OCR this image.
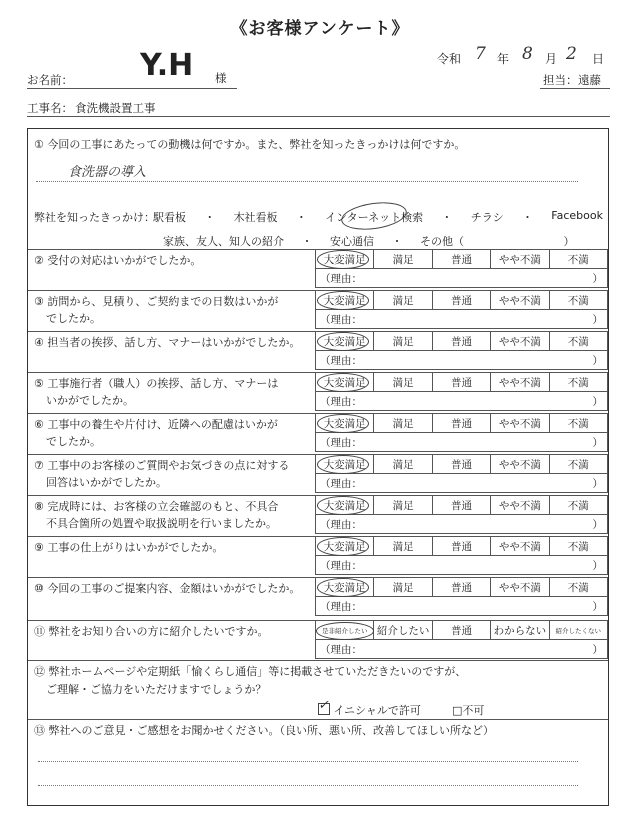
《お客様アンケート》
令和 7 年 8 月 2 日
お名前： Y.H 様	担当： 遠藤
工事名： 食洗機設置工事
① 今回の工事にあたっての動機は何ですか。また、弊社を知ったきっかけは何ですか。
食洗器の導入
弊社を知ったきっかけ：
駅看板 ・ 木社看板 ・ インターネット検索 ・ チラシ ・ Facebook
家族、友人、知人の紹介 ・ 安心通信 ・ その他（	）
② 受付の対応はいかがでしたか。	大変満足	満足	普通	やや不満	不満
（理由：	）
③ 訪問から、見積り、ご契約までの日数はいかが
でしたか。
大変満足	満足	普通	やや不満	不満
（理由：	）
④ 担当者の挨拶、話し方、マナーはいかがでしたか。 大変満足	満足	普通	やや不満	不満
（理由：	）
⑤ 工事施行者（職人）の挨拶、話し方、マナーは
いかがでしたか。
大変満足	満足	普通	やや不満	不満
（理由：	）
⑥ 工事中の養生や片付け、近隣への配慮はいかが
でしたか。
大変満足	満足	普通	やや不満	不満
（理由：	）
⑦ 工事中のお客様のご質問やお気づきの点に対する
回答はいかがでしたか。
大変満足	満足	普通	やや不満	不満
（理由：	）
⑧ 完成時には、お客様の立会確認のもと、不具合
不具合箇所の処置や取扱説明を行いましたか。
大変満足	満足	普通	やや不満	不満
（理由：	）
⑨ 工事の仕上がりはいかがでしたか。	大変満足	満足	普通	やや不満	不満
（理由：	）
⑩ 今回の工事のご提案内容、金額はいかがでしたか。 大変満足	満足	普通	やや不満	不満
（理由：	）
⑪ 弊社をお知り合いの方に紹介したいですか。	是非紹介したい	紹介したい	普通	わからない	紹介したくない
（理由：	）
⑫ 弊社ホームページや定期紙「愉くらし通信」等に掲載させていただきたいのですが、
ご理解・ご協力をいただけますでしょうか？
✓ イニシャルで許可	□不可
⑬ 弊社へのご意見・ご感想をお聞かせください。（良い所、悪い所、改善してほしい所など）
